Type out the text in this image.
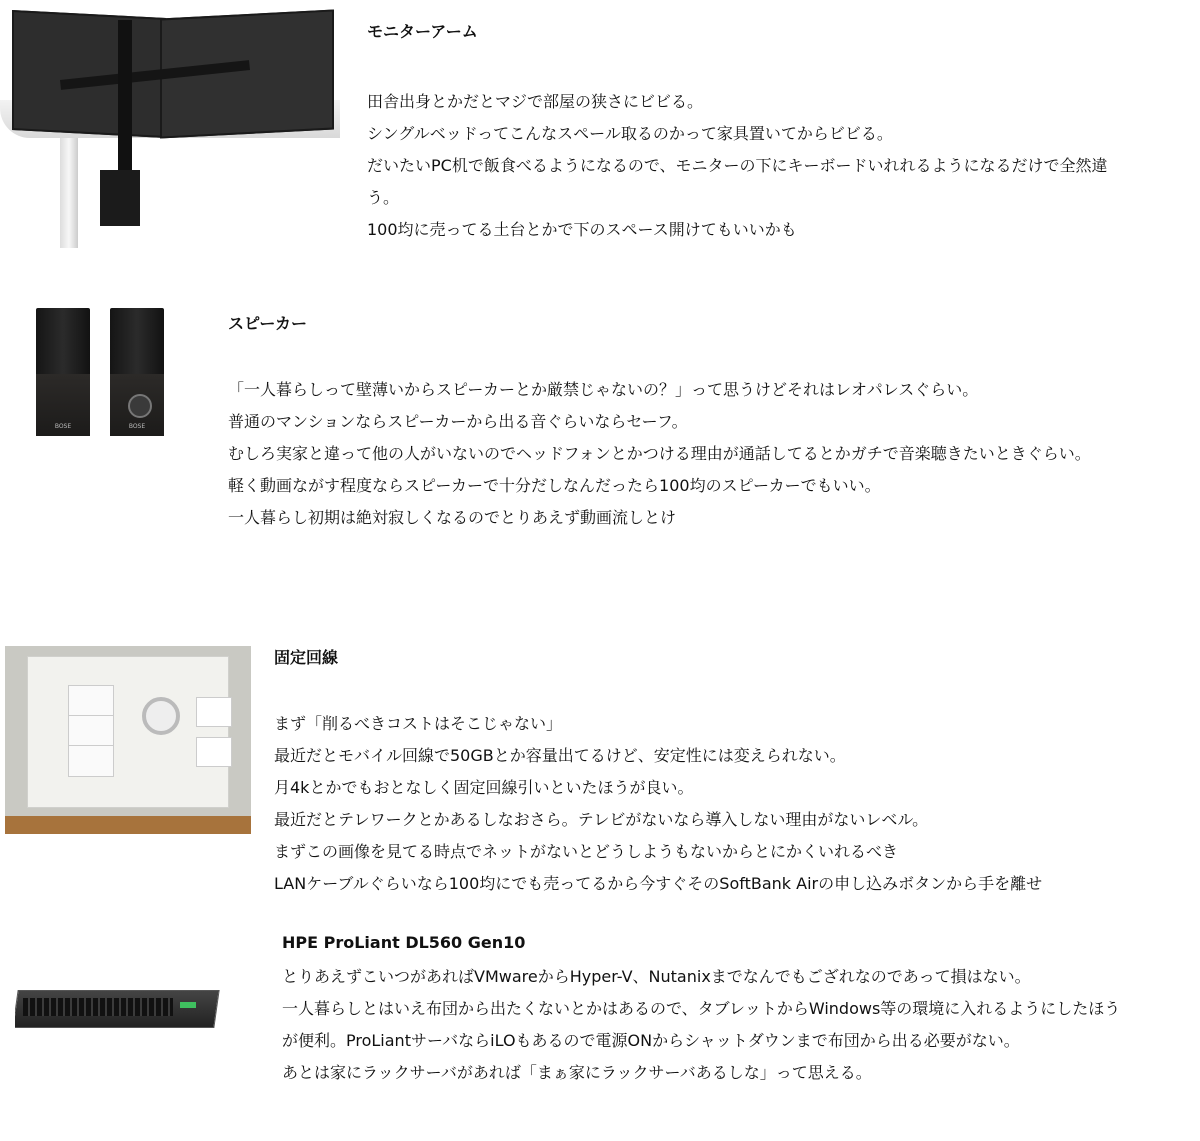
BOSE	BOSE
モニターアーム

田舎出身とかだとマジで部屋の狭さにビビる。

シングルベッドってこんなスペール取るのかって家具置いてからビビる。

だいたいPC机で飯食べるようになるので、モニターの下にキーボードいれれるようになるだけで全然違う。

100均に売ってる土台とかで下のスペース開けてもいいかも

スピーカー

「一人暮らしって壁薄いからスピーカーとか厳禁じゃないの？」って思うけどそれはレオパレスぐらい。

普通のマンションならスピーカーから出る音ぐらいならセーフ。

むしろ実家と違って他の人がいないのでヘッドフォンとかつける理由が通話してるとかガチで音楽聴きたいときぐらい。

軽く動画ながす程度ならスピーカーで十分だしなんだったら100均のスピーカーでもいい。

一人暮らし初期は絶対寂しくなるのでとりあえず動画流しとけ

固定回線

まず「削るべきコストはそこじゃない」

最近だとモバイル回線で50GBとか容量出てるけど、安定性には変えられない。

月4kとかでもおとなしく固定回線引いといたほうが良い。

最近だとテレワークとかあるしなおさら。テレビがないなら導入しない理由がないレベル。

まずこの画像を見てる時点でネットがないとどうしようもないからとにかくいれるべき

LANケーブルぐらいなら100均にでも売ってるから今すぐそのSoftBank Airの申し込みボタンから手を離せ

HPE ProLiant DL560 Gen10

とりあえずこいつがあればVMwareからHyper-V、Nutanixまでなんでもござれなのであって損はない。

一人暮らしとはいえ布団から出たくないとかはあるので、タブレットからWindows等の環境に入れるようにしたほうが便利。ProLiantサーバならiLOもあるので電源ONからシャットダウンまで布団から出る必要がない。

あとは家にラックサーバがあれば「まぁ家にラックサーバあるしな」って思える。
